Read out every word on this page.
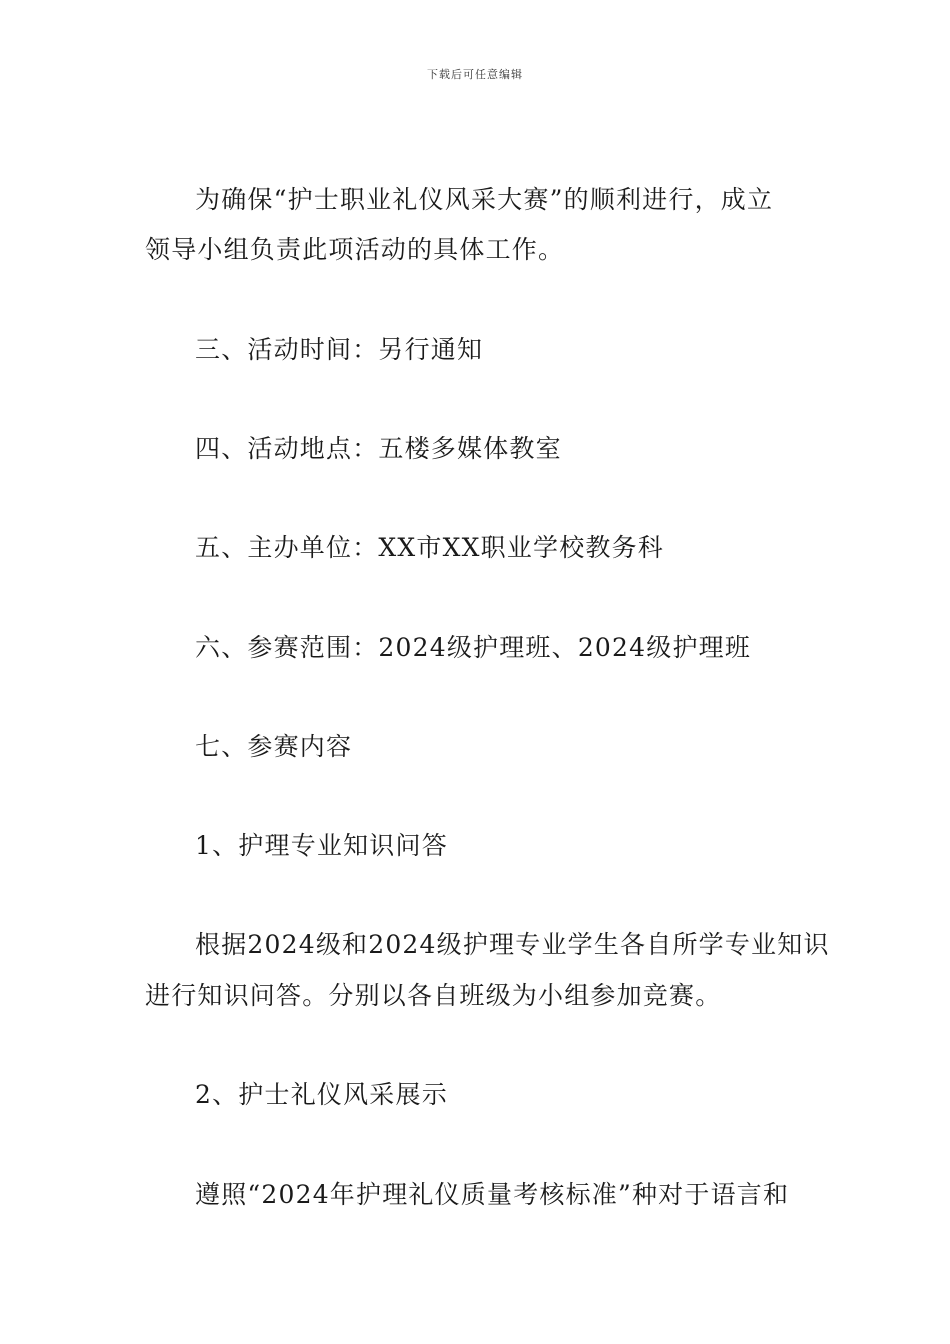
下载后可任意编辑
为确保“护士职业礼仪风采大赛”的顺利进行，成立
领导小组负责此项活动的具体工作。
三、活动时间：另行通知
四、活动地点：五楼多媒体教室
五、主办单位：XX市XX职业学校教务科
六、参赛范围：2024级护理班、2024级护理班
七、参赛内容
1、护理专业知识问答
根据2024级和2024级护理专业学生各自所学专业知识
进行知识问答。分别以各自班级为小组参加竞赛。
2、护士礼仪风采展示
遵照“2024年护理礼仪质量考核标准”种对于语言和
